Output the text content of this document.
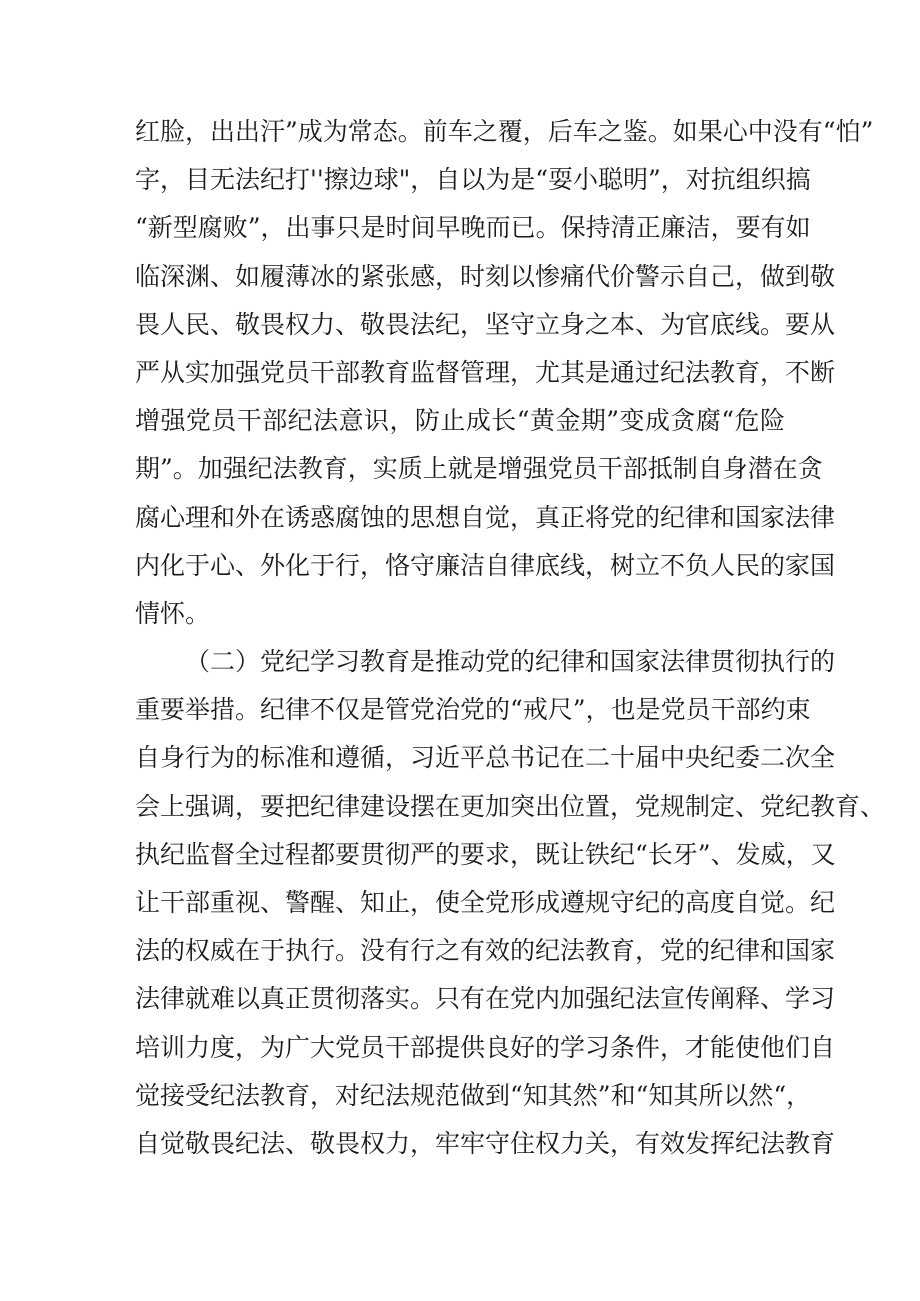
红脸，出出汗”成为常态。前车之覆，后车之鉴。如果心中没有“怕”
字，目无法纪打''擦边球"，自以为是“耍小聪明”，对抗组织搞
“新型腐败”，出事只是时间早晚而已。保持清正廉洁，要有如
临深渊、如履薄冰的紧张感，时刻以惨痛代价警示自己，做到敬
畏人民、敬畏权力、敬畏法纪，坚守立身之本、为官底线。要从
严从实加强党员干部教育监督管理，尤其是通过纪法教育，不断
增强党员干部纪法意识，防止成长“黄金期”变成贪腐“危险
期”。加强纪法教育，实质上就是增强党员干部抵制自身潜在贪
腐心理和外在诱惑腐蚀的思想自觉，真正将党的纪律和国家法律
内化于心、外化于行，恪守廉洁自律底线，树立不负人民的家国
情怀。
（二）党纪学习教育是推动党的纪律和国家法律贯彻执行的
重要举措。纪律不仅是管党治党的“戒尺”，也是党员干部约束
自身行为的标准和遵循，习近平总书记在二十届中央纪委二次全
会上强调，要把纪律建设摆在更加突出位置，党规制定、党纪教育、
执纪监督全过程都要贯彻严的要求，既让铁纪“长牙”、发威，又
让干部重视、警醒、知止，使全党形成遵规守纪的高度自觉。纪
法的权威在于执行。没有行之有效的纪法教育，党的纪律和国家
法律就难以真正贯彻落实。只有在党内加强纪法宣传阐释、学习
培训力度，为广大党员干部提供良好的学习条件，才能使他们自
觉接受纪法教育，对纪法规范做到“知其然”和“知其所以然“，
自觉敬畏纪法、敬畏权力，牢牢守住权力关，有效发挥纪法教育
